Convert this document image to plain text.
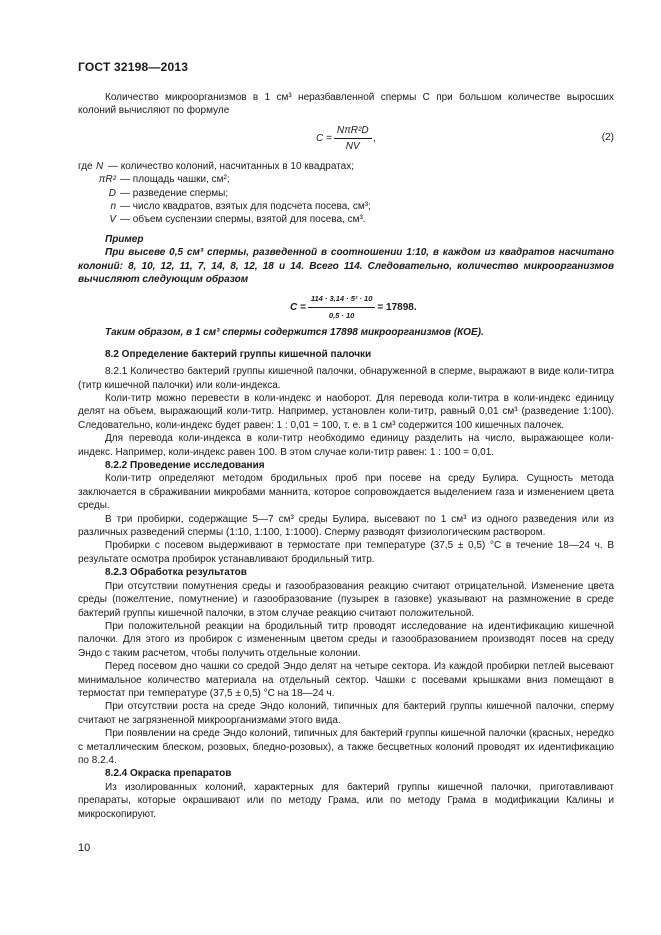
ГОСТ 32198—2013

Количество микроорганизмов в 1 см³ неразбавленной спермы C при большом количестве выросших колоний вычисляют по формуле

$C = \frac{\text{NπR²D}}{NV}$ ,	(2)
где N — количество колоний, насчитанных в 10 квадратах;
πR² — площадь чашки, см²;
D — разведение спермы;
n — число квадратов, взятых для подсчета посева, см³;
V — объем суспензии спермы, взятой для посева, см³.

Пример

При высеве 0,5 см³ спермы, разведенной в соотношении 1:10, в каждом из квадратов насчитано колоний: 8, 10, 12, 11, 7, 14, 8, 12, 18 и 14. Всего 114. Следовательно, количество микроорганизмов вычисляют следующим образом

$C = \frac{\text{114 · 3,14 · 5² · 10}}{0,5 \cdot 10} = 17898$.

Таким образом, в 1 см³ спермы содержится 17898 микроорганизмов (КОЕ).

8.2 Определение бактерий группы кишечной палочки

8.2.1 Количество бактерий группы кишечной палочки, обнаруженной в сперме, выражают в виде коли-титра (титр кишечной палочки) или коли-индекса.

Коли-титр можно перевести в коли-индекс и наоборот. Для перевода коли-титра в коли-индекс единицу делят на объем, выражающий коли-титр. Например, установлен коли-титр, равный 0,01 см³ (разведение 1:100). Следовательно, коли-индекс будет равен: 1 : 0,01 = 100, т. е. в 1 см³ содержится 100 кишечных палочек.

Для перевода коли-индекса в коли-титр необходимо единицу разделить на число, выражающее коли-индекс. Например, коли-индекс равен 100. В этом случае коли-титр равен: 1 : 100 = 0,01.

8.2.2 Проведение исследования

Коли-титр определяют методом бродильных проб при посеве на среду Булира. Сущность метода заключается в сбраживании микробами маннита, которое сопровождается выделением газа и изменением цвета среды.

В три пробирки, содержащие 5—7 см³ среды Булира, высевают по 1 см³ из одного разведения или из различных разведений спермы (1:10, 1:100, 1:1000). Сперму разводят физиологическим раствором.

Пробирки с посевом выдерживают в термостате при температуре (37,5 ± 0,5) °С в течение 18—24 ч. В результате осмотра пробирок устанавливают бродильный титр.

8.2.3 Обработка результатов

При отсутствии помутнения среды и газообразования реакцию считают отрицательной. Изменение цвета среды (пожелтение, помутнение) и газообразование (пузырек в газовке) указывают на размножение в среде бактерий группы кишечной палочки, в этом случае реакцию считают положительной.

При положительной реакции на бродильный титр проводят исследование на идентификацию кишечной палочки. Для этого из пробирок с измененным цветом среды и газообразованием производят посев на среду Эндо с таким расчетом, чтобы получить отдельные колонии.

Перед посевом дно чашки со средой Эндо делят на четыре сектора. Из каждой пробирки петлей высевают минимальное количество материала на отдельный сектор. Чашки с посевами крышками вниз помещают в термостат при температуре (37,5 ± 0,5) °С на 18—24 ч.

При отсутствии роста на среде Эндо колоний, типичных для бактерий группы кишечной палочки, сперму считают не загрязненной микроорганизмами этого вида.

При появлении на среде Эндо колоний, типичных для бактерий группы кишечной палочки (красных, нередко с металлическим блеском, розовых, бледно-розовых), а также бесцветных колоний проводят их идентификацию по 8.2.4.

8.2.4 Окраска препаратов

Из изолированных колоний, характерных для бактерий группы кишечной палочки, приготавливают препараты, которые окрашивают или по методу Грама, или по методу Грама в модификации Калины и микроскопируют.

10
